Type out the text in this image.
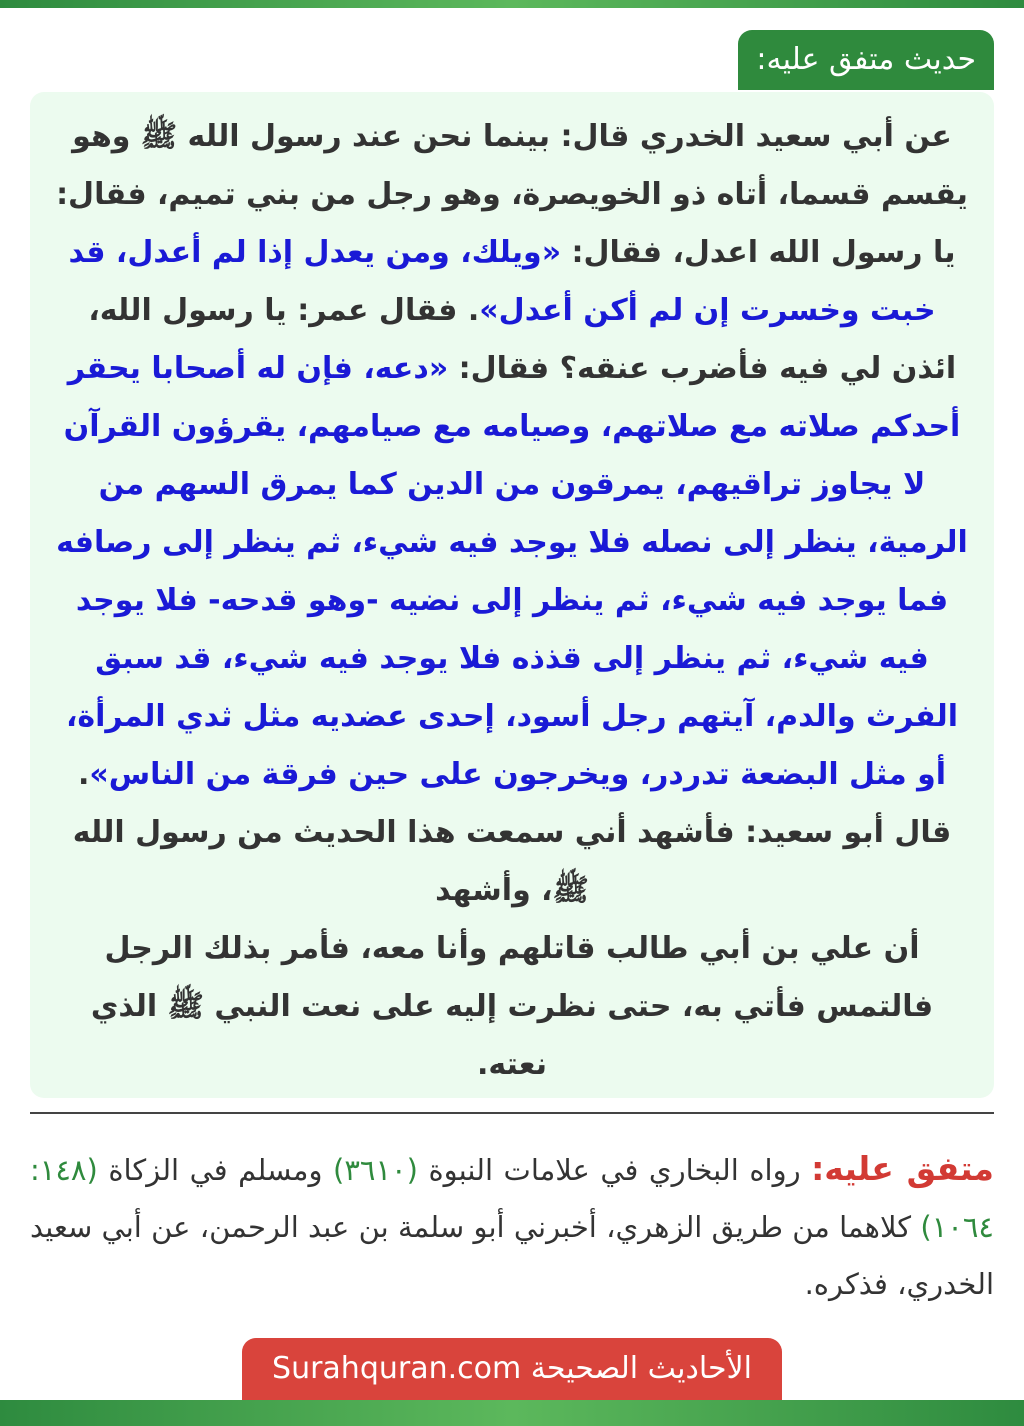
حديث متفق عليه:
عن أبي سعيد الخدري قال: بينما نحن عند رسول الله ﷺ وهو يقسم قسما، أتاه ذو الخويصرة، وهو رجل من بني تميم، فقال: يا رسول الله اعدل، فقال: «ويلك، ومن يعدل إذا لم أعدل، قد خبت وخسرت إن لم أكن أعدل». فقال عمر: يا رسول الله، ائذن لي فيه فأضرب عنقه؟ فقال: «دعه، فإن له أصحابا يحقر أحدكم صلاته مع صلاتهم، وصيامه مع صيامهم، يقرؤون القرآن لا يجاوز تراقيهم، يمرقون من الدين كما يمرق السهم من الرمية، ينظر إلى نصله فلا يوجد فيه شيء، ثم ينظر إلى رصافه فما يوجد فيه شيء، ثم ينظر إلى نضيه -وهو قدحه- فلا يوجد فيه شيء، ثم ينظر إلى قذذه فلا يوجد فيه شيء، قد سبق الفرث والدم، آيتهم رجل أسود، إحدى عضديه مثل ثدي المرأة، أو مثل البضعة تدردر، ويخرجون على حين فرقة من الناس». قال أبو سعيد: فأشهد أني سمعت هذا الحديث من رسول الله ﷺ، وأشهد
أن علي بن أبي طالب قاتلهم وأنا معه، فأمر بذلك الرجل فالتمس فأتي به، حتى نظرت إليه على نعت النبي ﷺ الذي نعته.
متفق عليه: رواه البخاري في علامات النبوة (٣٦١٠) ومسلم في الزكاة (١٤٨: ١٠٦٤) كلاهما من طريق الزهري، أخبرني أبو سلمة بن عبد الرحمن، عن أبي سعيد الخدري، فذكره.
الأحاديث الصحيحة Surahquran.com
